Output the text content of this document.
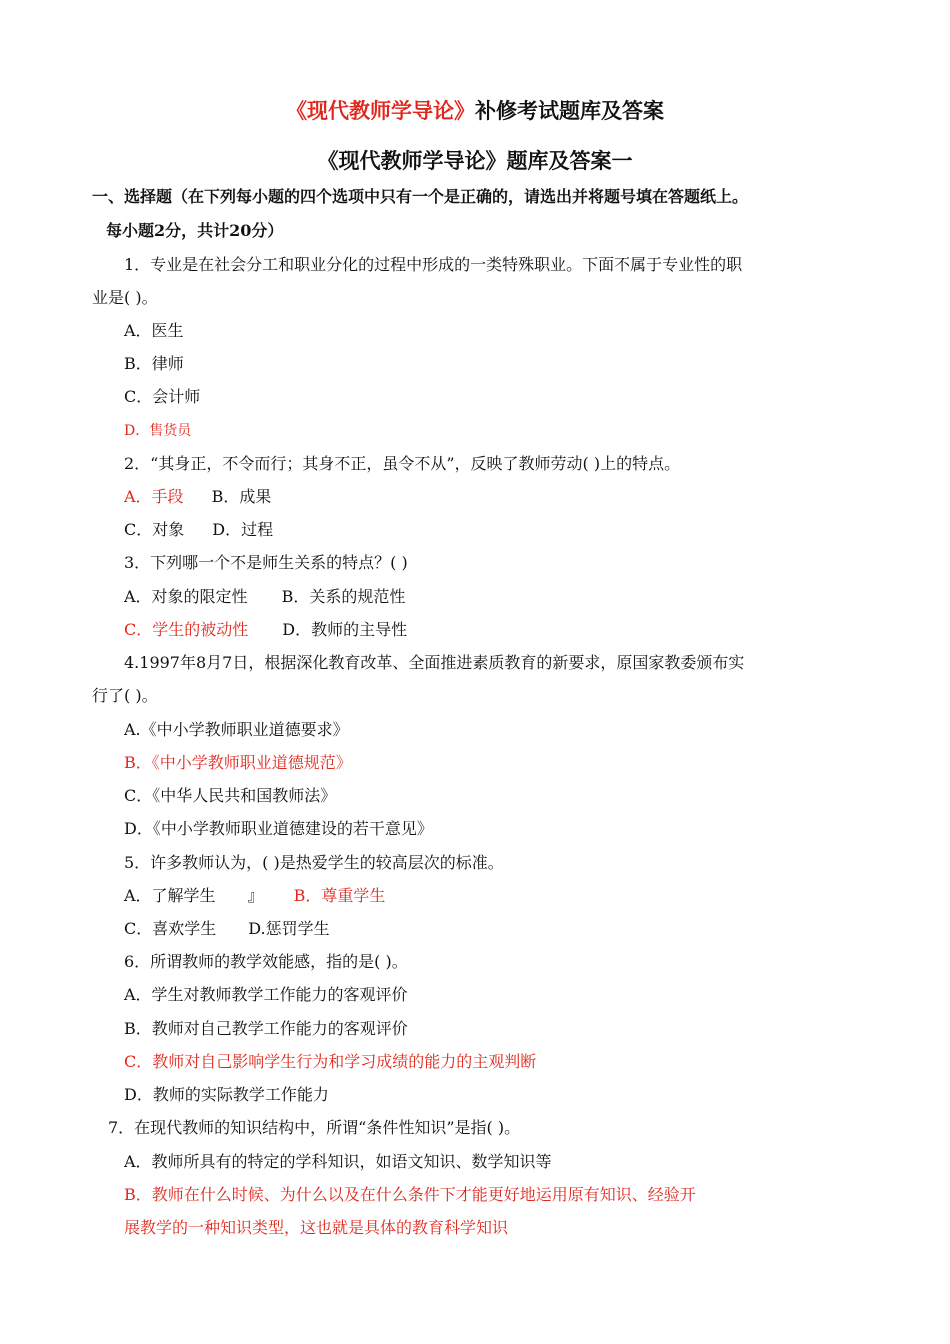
《现代教师学导论》补修考试题库及答案
《现代教师学导论》题库及答案一
一、选择题（在下列每小题的四个选项中只有一个是正确的，请选出并将题号填在答题纸上。
每小题2分，共计20分）
1．专业是在社会分工和职业分化的过程中形成的一类特殊职业。下面不属于专业性的职
业是( )。
A．医生
B．律师
C．会计师
D．售货员
2．“其身正，不令而行；其身不正，虽令不从”，反映了教师劳动( )上的特点。
A．手段 B．成果
C．对象 D．过程
3．下列哪一个不是师生关系的特点？( )
A．对象的限定性 B．关系的规范性
C．学生的被动性 D．教师的主导性
4.1997年8月7日，根据深化教育改革、全面推进素质教育的新要求，原国家教委颁布实
行了( )。
A.《中小学教师职业道德要求》
B．《中小学教师职业道德规范》
C．《中华人民共和国教师法》
D．《中小学教师职业道德建设的若干意见》
5．许多教师认为，( )是热爱学生的较高层次的标准。
A．了解学生 』 B．尊重学生
C．喜欢学生 D.惩罚学生
6．所谓教师的教学效能感，指的是( )。
A．学生对教师教学工作能力的客观评价
B．教师对自己教学工作能力的客观评价
C．教师对自己影响学生行为和学习成绩的能力的主观判断
D．教师的实际教学工作能力
7．在现代教师的知识结构中，所谓“条件性知识”是指( )。
A．教师所具有的特定的学科知识，如语文知识、数学知识等
B．教师在什么时候、为什么以及在什么条件下才能更好地运用原有知识、经验开
展教学的一种知识类型，这也就是具体的教育科学知识
